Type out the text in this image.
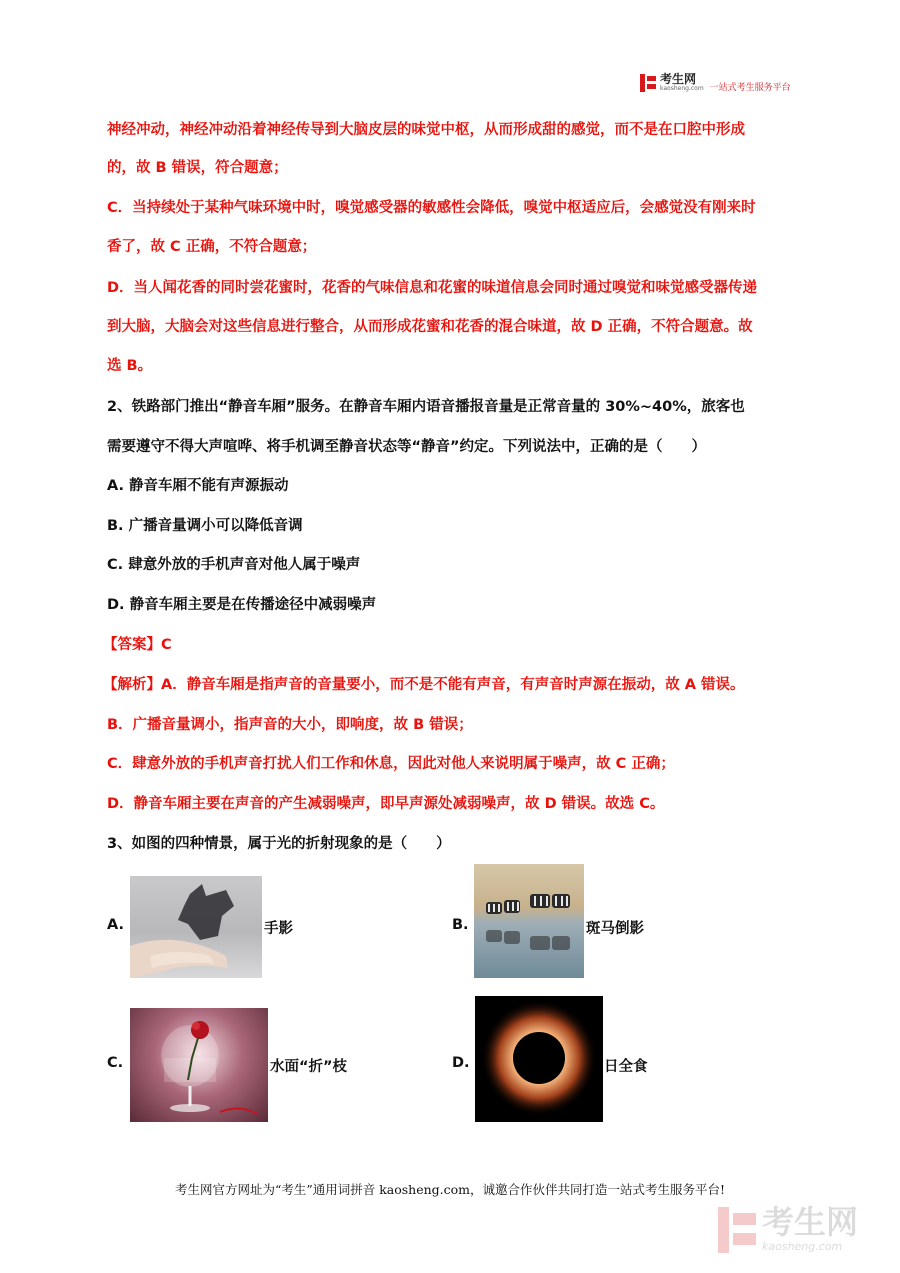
考生网
kaosheng.com 一站式考生服务平台
神经冲动，神经冲动沿着神经传导到大脑皮层的味觉中枢，从而形成甜的感觉，而不是在口腔中形成
的，故 B 错误，符合题意；
C．当持续处于某种气味环境中时，嗅觉感受器的敏感性会降低，嗅觉中枢适应后，会感觉没有刚来时
香了，故 C 正确，不符合题意；
D．当人闻花香的同时尝花蜜时，花香的气味信息和花蜜的味道信息会同时通过嗅觉和味觉感受器传递
到大脑，大脑会对这些信息进行整合，从而形成花蜜和花香的混合味道，故 D 正确，不符合题意。故
选 B。
2、铁路部门推出“静音车厢”服务。在静音车厢内语音播报音量是正常音量的 30%~40%，旅客也
需要遵守不得大声喧哗、将手机调至静音状态等“静音”约定。下列说法中，正确的是（　　）
A. 静音车厢不能有声源振动
B. 广播音量调小可以降低音调
C. 肆意外放的手机声音对他人属于噪声
D. 静音车厢主要是在传播途径中减弱噪声
【答案】C
【解析】A．静音车厢是指声音的音量要小，而不是不能有声音，有声音时声源在振动，故 A 错误。
B．广播音量调小，指声音的大小，即响度，故 B 错误；
C．肆意外放的手机声音打扰人们工作和休息，因此对他人来说明属于噪声，故 C 正确；
D．静音车厢主要在声音的产生减弱噪声，即早声源处减弱噪声，故 D 错误。故选 C。
3、如图的四种情景，属于光的折射现象的是（　　）
A.	手影	B.	斑马倒影
C.	水面“折”枝	D.	日全食
考生网官方网址为“考生”通用词拼音 kaosheng.com，诚邀合作伙伴共同打造一站式考生服务平台!
考生网
kaosheng.com
